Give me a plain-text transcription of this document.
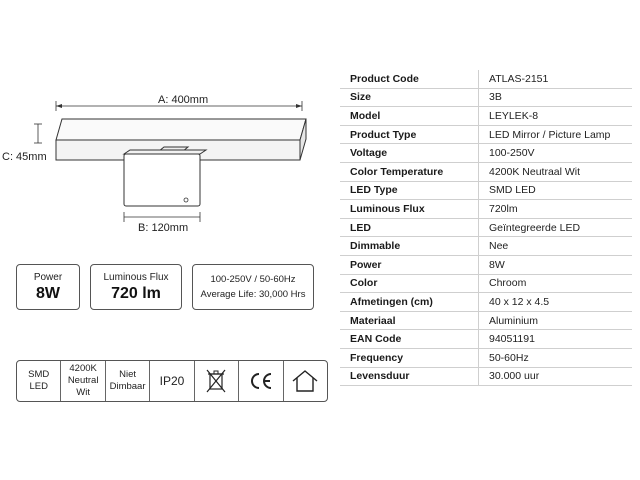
A: 400mm
C: 45mm
B: 120mm
Power
8W
Luminous Flux
720 lm
100-250V / 50-60Hz
Average Life: 30,000 Hrs
SMD
LED
4200K
Neutral Wit
Niet
Dimbaar IP20
Product Code	ATLAS-2151
Size	3B
Model	LEYLEK-8
Product Type	LED Mirror / Picture Lamp
Voltage	100-250V
Color Temperature	4200K Neutraal Wit
LED Type	SMD LED
Luminous Flux	720lm
LED	Geïntegreerde LED
Dimmable	Nee
Power	8W
Color	Chroom
Afmetingen (cm)	40 x 12 x 4.5
Materiaal	Aluminium
EAN Code	94051191
Frequency	50-60Hz
Levensduur	30.000 uur
